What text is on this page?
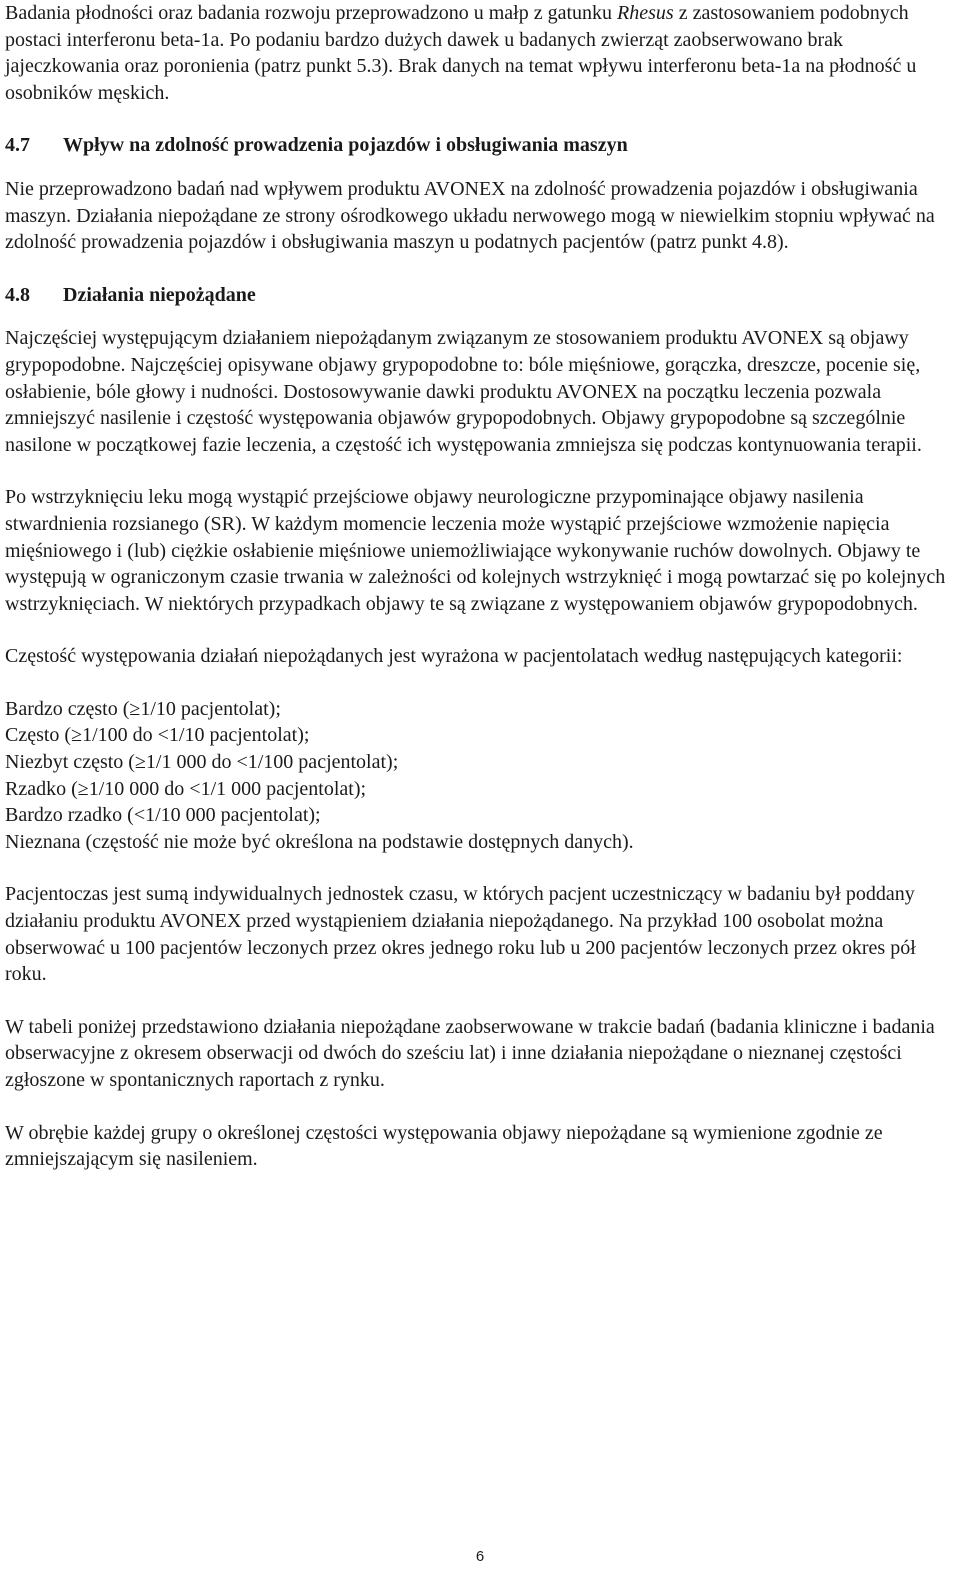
Badania płodności oraz badania rozwoju przeprowadzono u małp z gatunku Rhesus z zastosowaniem podobnych postaci interferonu beta-1a. Po podaniu bardzo dużych dawek u badanych zwierząt zaobserwowano brak jajeczkowania oraz poronienia (patrz punkt 5.3). Brak danych na temat wpływu interferonu beta-1a na płodność u osobników męskich.

4.7	Wpływ na zdolność prowadzenia pojazdów i obsługiwania maszyn

Nie przeprowadzono badań nad wpływem produktu AVONEX na zdolność prowadzenia pojazdów i obsługiwania maszyn. Działania niepożądane ze strony ośrodkowego układu nerwowego mogą w niewielkim stopniu wpływać na zdolność prowadzenia pojazdów i obsługiwania maszyn u podatnych pacjentów (patrz punkt 4.8).

4.8	Działania niepożądane

Najczęściej występującym działaniem niepożądanym związanym ze stosowaniem produktu AVONEX są objawy grypopodobne. Najczęściej opisywane objawy grypopodobne to: bóle mięśniowe, gorączka, dreszcze, pocenie się, osłabienie, bóle głowy i nudności. Dostosowywanie dawki produktu AVONEX na początku leczenia pozwala zmniejszyć nasilenie i częstość występowania objawów grypopodobnych. Objawy grypopodobne są szczególnie nasilone w początkowej fazie leczenia, a częstość ich występowania zmniejsza się podczas kontynuowania terapii.

Po wstrzyknięciu leku mogą wystąpić przejściowe objawy neurologiczne przypominające objawy nasilenia stwardnienia rozsianego (SR). W każdym momencie leczenia może wystąpić przejściowe wzmożenie napięcia mięśniowego i (lub) ciężkie osłabienie mięśniowe uniemożliwiające wykonywanie ruchów dowolnych. Objawy te występują w ograniczonym czasie trwania w zależności od kolejnych wstrzyknięć i mogą powtarzać się po kolejnych wstrzyknięciach. W niektórych przypadkach objawy te są związane z występowaniem objawów grypopodobnych.

Częstość występowania działań niepożądanych jest wyrażona w pacjentolatach według następujących kategorii:

Bardzo często (≥1/10 pacjentolat);
Często (≥1/100 do <1/10 pacjentolat);
Niezbyt często (≥1/1 000 do <1/100 pacjentolat);
Rzadko (≥1/10 000 do <1/1 000 pacjentolat);
Bardzo rzadko (<1/10 000 pacjentolat);
Nieznana (częstość nie może być określona na podstawie dostępnych danych).

Pacjentoczas jest sumą indywidualnych jednostek czasu, w których pacjent uczestniczący w badaniu był poddany działaniu produktu AVONEX przed wystąpieniem działania niepożądanego. Na przykład 100 osobolat można obserwować u 100 pacjentów leczonych przez okres jednego roku lub u 200 pacjentów leczonych przez okres pół roku.

W tabeli poniżej przedstawiono działania niepożądane zaobserwowane w trakcie badań (badania kliniczne i badania obserwacyjne z okresem obserwacji od dwóch do sześciu lat) i inne działania niepożądane o nieznanej częstości zgłoszone w spontanicznych raportach z rynku.

W obrębie każdej grupy o określonej częstości występowania objawy niepożądane są wymienione zgodnie ze zmniejszającym się nasileniem.

6
